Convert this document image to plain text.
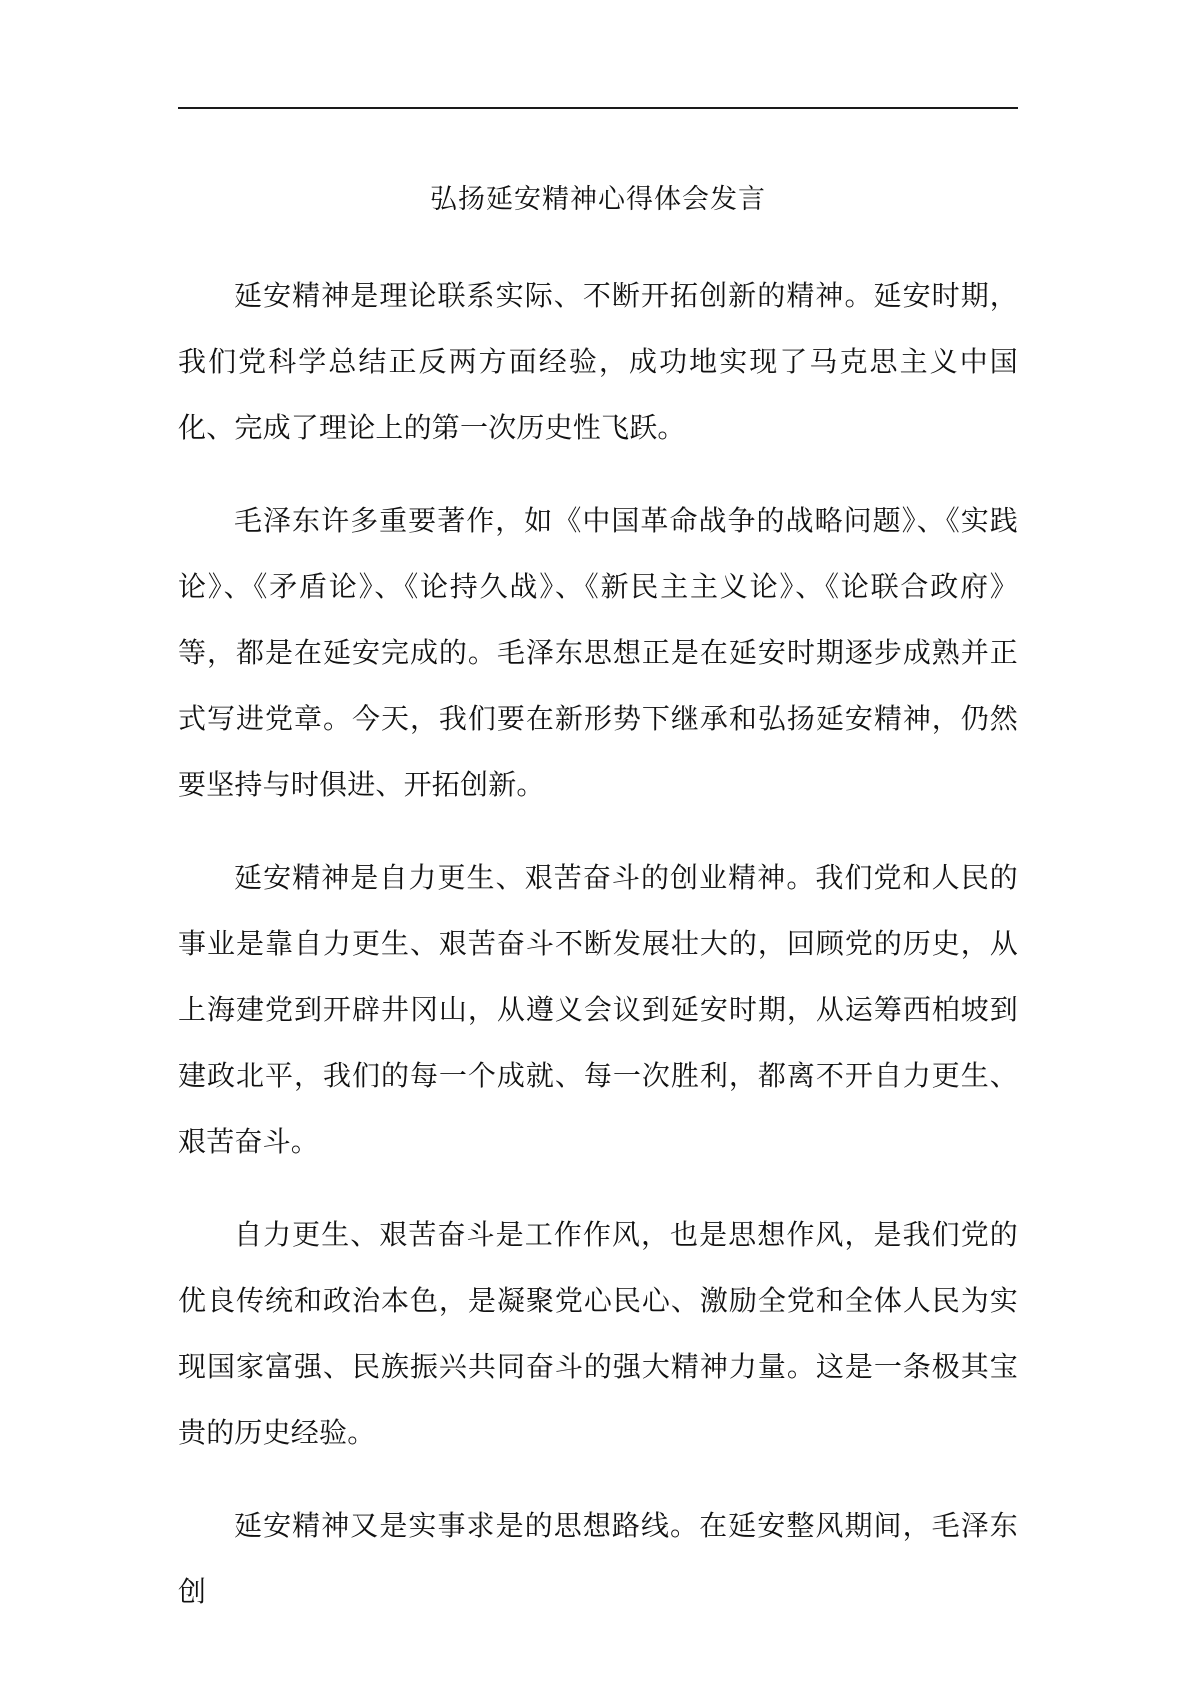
弘扬延安精神心得体会发言

延安精神是理论联系实际、不断开拓创新的精神。延安时期，我们党科学总结正反两方面经验，成功地实现了马克思主义中国化、完成了理论上的第一次历史性飞跃。

毛泽东许多重要著作，如《中国革命战争的战略问题》、《实践论》、《矛盾论》、《论持久战》、《新民主主义论》、《论联合政府》等，都是在延安完成的。毛泽东思想正是在延安时期逐步成熟并正式写进党章。今天，我们要在新形势下继承和弘扬延安精神，仍然要坚持与时俱进、开拓创新。

延安精神是自力更生、艰苦奋斗的创业精神。我们党和人民的事业是靠自力更生、艰苦奋斗不断发展壮大的，回顾党的历史，从上海建党到开辟井冈山，从遵义会议到延安时期，从运筹西柏坡到建政北平，我们的每一个成就、每一次胜利，都离不开自力更生、艰苦奋斗。

自力更生、艰苦奋斗是工作作风，也是思想作风，是我们党的优良传统和政治本色，是凝聚党心民心、激励全党和全体人民为实现国家富强、民族振兴共同奋斗的强大精神力量。这是一条极其宝贵的历史经验。

延安精神又是实事求是的思想路线。在延安整风期间，毛泽东创
